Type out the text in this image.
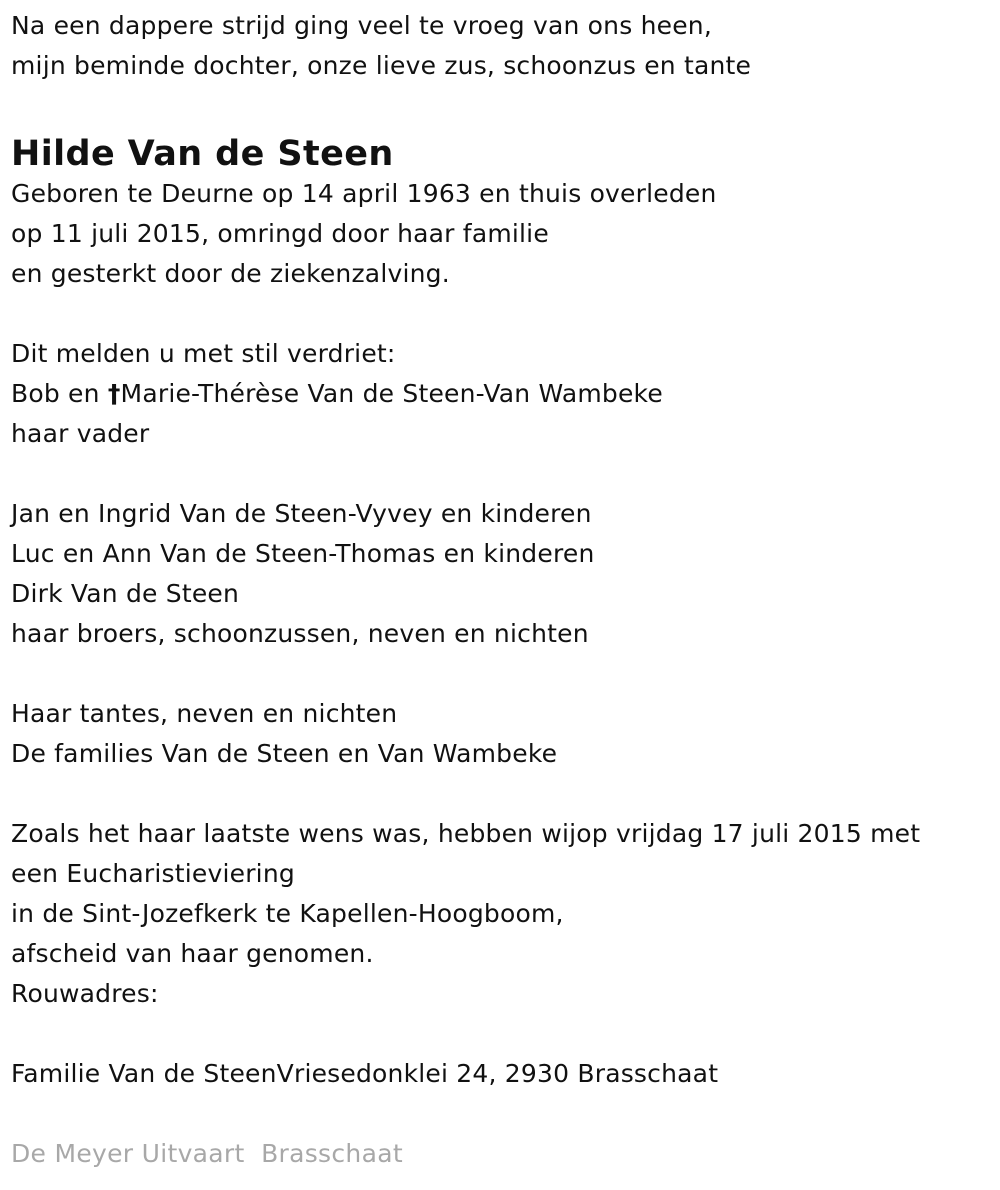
Na een dappere strijd ging veel te vroeg van ons heen,
mijn beminde dochter, onze lieve zus, schoonzus en tante
Hilde Van de Steen
Geboren te Deurne op 14 april 1963 en thuis overleden
op 11 juli 2015, omringd door haar familie
en gesterkt door de ziekenzalving.
Dit melden u met stil verdriet:
Bob en †Marie-Thérèse Van de Steen-Van Wambeke
haar vader
Jan en Ingrid Van de Steen-Vyvey en kinderen
Luc en Ann Van de Steen-Thomas en kinderen
Dirk Van de Steen
haar broers, schoonzussen, neven en nichten
Haar tantes, neven en nichten
De families Van de Steen en Van Wambeke
Zoals het haar laatste wens was, hebben wijop vrijdag 17 juli 2015 met
een Eucharistieviering
in de Sint-Jozefkerk te Kapellen-Hoogboom,
afscheid van haar genomen.
Rouwadres:
Familie Van de SteenVriesedonklei 24, 2930 Brasschaat
De Meyer Uitvaart  Brasschaat
